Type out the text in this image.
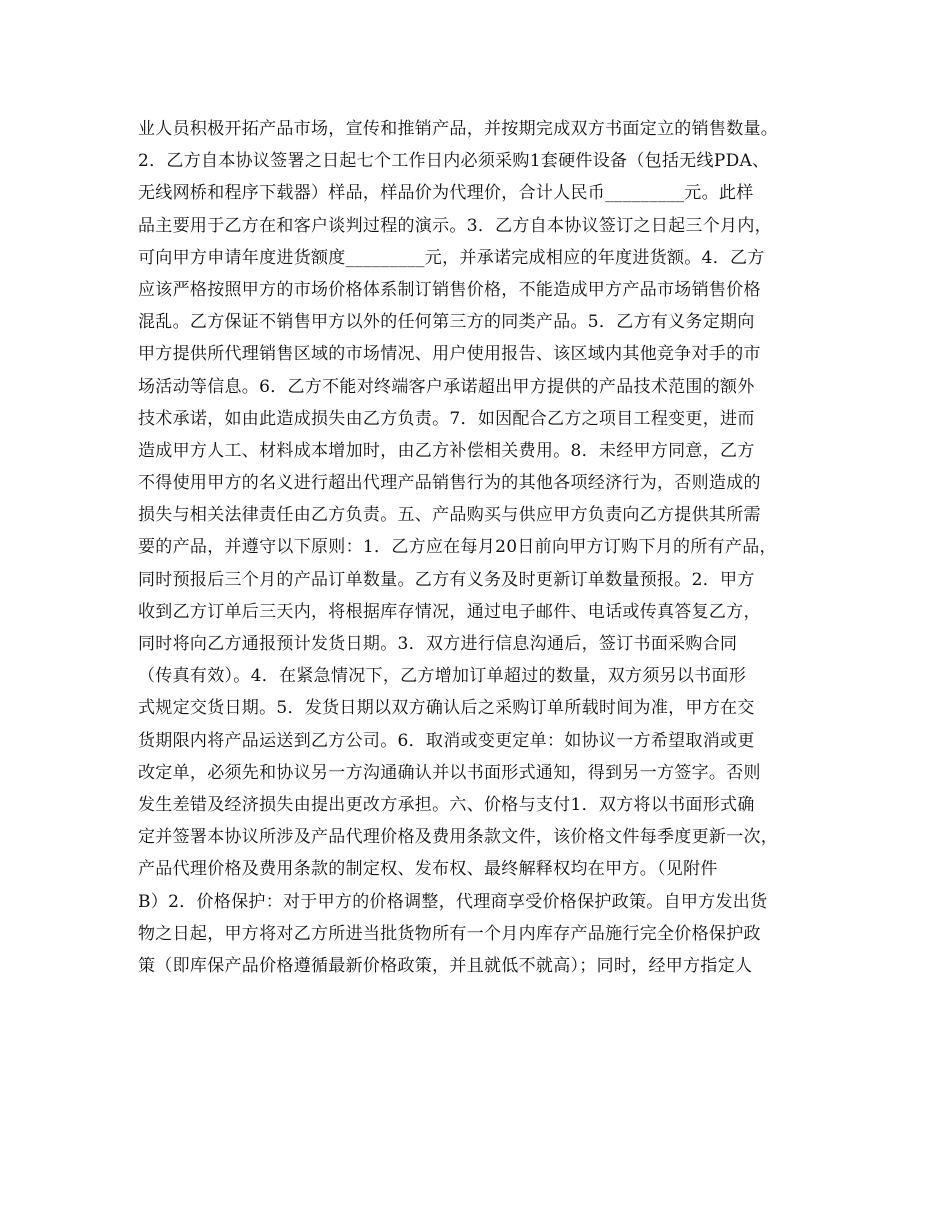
业人员积极开拓产品市场，宣传和推销产品，并按期完成双方书面定立的销售数量。
2．乙方自本协议签署之日起七个工作日内必须采购1套硬件设备（包括无线PDA、
无线网桥和程序下载器）样品，样品价为代理价，合计人民币_________元。此样
品主要用于乙方在和客户谈判过程的演示。3．乙方自本协议签订之日起三个月内，
可向甲方申请年度进货额度_________元，并承诺完成相应的年度进货额。4．乙方
应该严格按照甲方的市场价格体系制订销售价格，不能造成甲方产品市场销售价格
混乱。乙方保证不销售甲方以外的任何第三方的同类产品。5．乙方有义务定期向
甲方提供所代理销售区域的市场情况、用户使用报告、该区域内其他竞争对手的市
场活动等信息。6．乙方不能对终端客户承诺超出甲方提供的产品技术范围的额外
技术承诺，如由此造成损失由乙方负责。7．如因配合乙方之项目工程变更，进而
造成甲方人工、材料成本增加时，由乙方补偿相关费用。8．未经甲方同意，乙方
不得使用甲方的名义进行超出代理产品销售行为的其他各项经济行为，否则造成的
损失与相关法律责任由乙方负责。五、产品购买与供应甲方负责向乙方提供其所需
要的产品，并遵守以下原则：1．乙方应在每月20日前向甲方订购下月的所有产品，
同时预报后三个月的产品订单数量。乙方有义务及时更新订单数量预报。2．甲方
收到乙方订单后三天内，将根据库存情况，通过电子邮件、电话或传真答复乙方，
同时将向乙方通报预计发货日期。3．双方进行信息沟通后，签订书面采购合同
（传真有效）。4．在紧急情况下，乙方增加订单超过的数量，双方须另以书面形
式规定交货日期。5．发货日期以双方确认后之采购订单所载时间为准，甲方在交
货期限内将产品运送到乙方公司。6．取消或变更定单：如协议一方希望取消或更
改定单，必须先和协议另一方沟通确认并以书面形式通知，得到另一方签字。否则
发生差错及经济损失由提出更改方承担。六、价格与支付1．双方将以书面形式确
定并签署本协议所涉及产品代理价格及费用条款文件，该价格文件每季度更新一次，
产品代理价格及费用条款的制定权、发布权、最终解释权均在甲方。（见附件
B）2．价格保护：对于甲方的价格调整，代理商享受价格保护政策。自甲方发出货
物之日起，甲方将对乙方所进当批货物所有一个月内库存产品施行完全价格保护政
策（即库保产品价格遵循最新价格政策，并且就低不就高）；同时，经甲方指定人
